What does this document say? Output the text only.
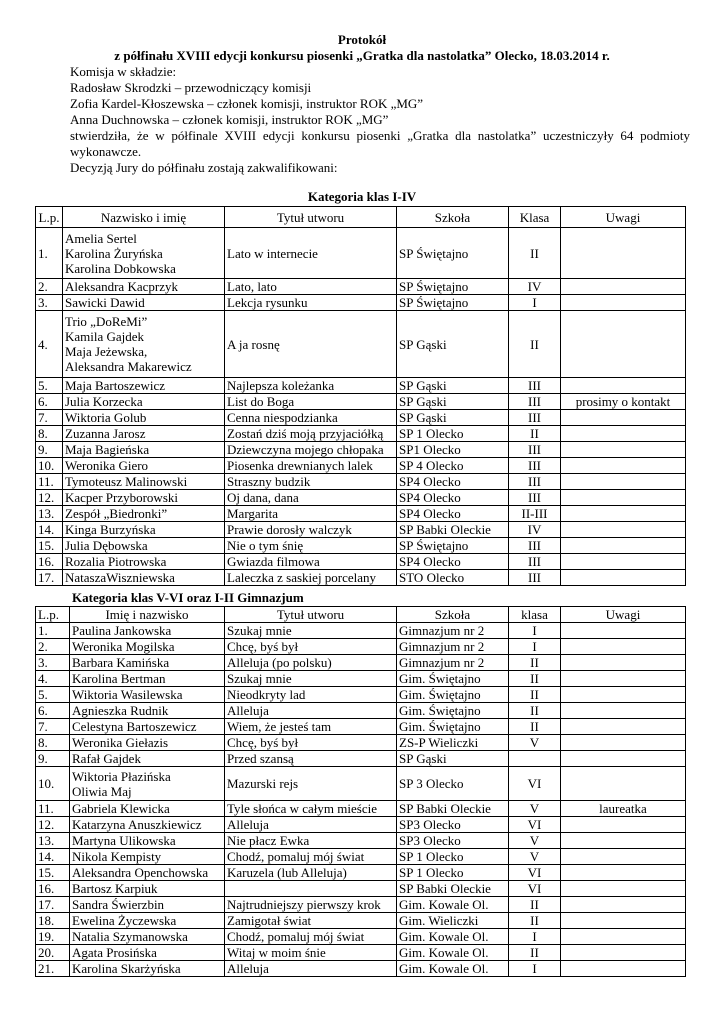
Protokół
z półfinału XVIII edycji konkursu piosenki „Gratka dla nastolatka” Olecko, 18.03.2014 r.

Komisja w składzie:

Radosław Skrodzki – przewodniczący komisji

Zofia Kardel-Kłoszewska – członek komisji, instruktor ROK „MG”

Anna Duchnowska – członek komisji, instruktor ROK „MG”

stwierdziła, że w półfinale XVIII edycji konkursu piosenki „Gratka dla nastolatka” uczestniczyły 64 podmioty wykonawcze.

Decyzją Jury do półfinału zostają zakwalifikowani:

Kategoria klas I-IV
L.p.	Nazwisko i imię	Tytuł utworu	Szkoła	Klasa	Uwagi
1.	Amelia Sertel
Karolina Żuryńska
Karolina Dobkowska	Lato w internecie	SP Świętajno	II	
2.	Aleksandra Kacprzyk	Lato, lato	SP Świętajno	IV	
3.	Sawicki Dawid	Lekcja rysunku	SP Świętajno	I	
4.	Trio „DoReMi”
Kamila Gajdek
Maja Jeżewska,
Aleksandra Makarewicz	A ja rosnę	SP Gąski	II	
5.	Maja Bartoszewicz	Najlepsza koleżanka	SP Gąski	III	
6.	Julia Korzecka	List do Boga	SP Gąski	III	prosimy o kontakt
7.	Wiktoria Golub	Cenna niespodzianka	SP Gąski	III	
8.	Zuzanna Jarosz	Zostań dziś moją przyjaciółką	SP 1 Olecko	II	
9.	Maja Bagieńska	Dziewczyna mojego chłopaka	SP1 Olecko	III	
10.	Weronika Giero	Piosenka drewnianych lalek	SP 4 Olecko	III	
11.	Tymoteusz Malinowski	Straszny budzik	SP4 Olecko	III	
12.	Kacper Przyborowski	Oj dana, dana	SP4 Olecko	III	
13.	Zespół „Biedronki”	Margarita	SP4 Olecko	II-III	
14.	Kinga Burzyńska	Prawie dorosły walczyk	SP Babki Oleckie	IV	
15.	Julia Dębowska	Nie o tym śnię	SP Świętajno	III	
16.	Rozalia Piotrowska	Gwiazda filmowa	SP4 Olecko	III	
17.	NataszaWiszniewska	Laleczka z saskiej porcelany	STO Olecko	III	
Kategoria klas V-VI oraz I-II Gimnazjum
L.p.	Imię i nazwisko	Tytuł utworu	Szkoła	klasa	Uwagi
1.	Paulina Jankowska	Szukaj mnie	Gimnazjum nr 2	I	
2.	Weronika Mogilska	Chcę, byś był	Gimnazjum nr 2	I	
3.	Barbara Kamińska	Alleluja (po polsku)	Gimnazjum nr 2	II	
4.	Karolina Bertman	Szukaj mnie	Gim. Świętajno	II	
5.	Wiktoria Wasilewska	Nieodkryty lad	Gim. Świętajno	II	
6.	Agnieszka Rudnik	Alleluja	Gim. Świętajno	II	
7.	Celestyna Bartoszewicz	Wiem, że jesteś tam	Gim. Świętajno	II	
8.	Weronika Giełazis	Chcę, byś był	ZS-P Wieliczki	V	
9.	Rafał Gajdek	Przed szansą	SP Gąski		
10.	Wiktoria Płazińska
Oliwia Maj	Mazurski rejs	SP 3 Olecko	VI	
11.	Gabriela Klewicka	Tyle słońca w całym mieście	SP Babki Oleckie	V	laureatka
12.	Katarzyna Anuszkiewicz	Alleluja	SP3 Olecko	VI	
13.	Martyna Ulikowska	Nie płacz Ewka	SP3 Olecko	V	
14.	Nikola Kempisty	Chodź, pomaluj mój świat	SP 1 Olecko	V	
15.	Aleksandra Openchowska	Karuzela (lub Alleluja)	SP 1 Olecko	VI	
16.	Bartosz Karpiuk		SP Babki Oleckie	VI	
17.	Sandra Świerzbin	Najtrudniejszy pierwszy krok	Gim. Kowale Ol.	II	
18.	Ewelina Życzewska	Zamigotał świat	Gim. Wieliczki	II	
19.	Natalia Szymanowska	Chodź, pomaluj mój świat	Gim. Kowale Ol.	I	
20.	Agata Prosińska	Witaj w moim śnie	Gim. Kowale Ol.	II	
21.	Karolina Skarżyńska	Alleluja	Gim. Kowale Ol.	I	
